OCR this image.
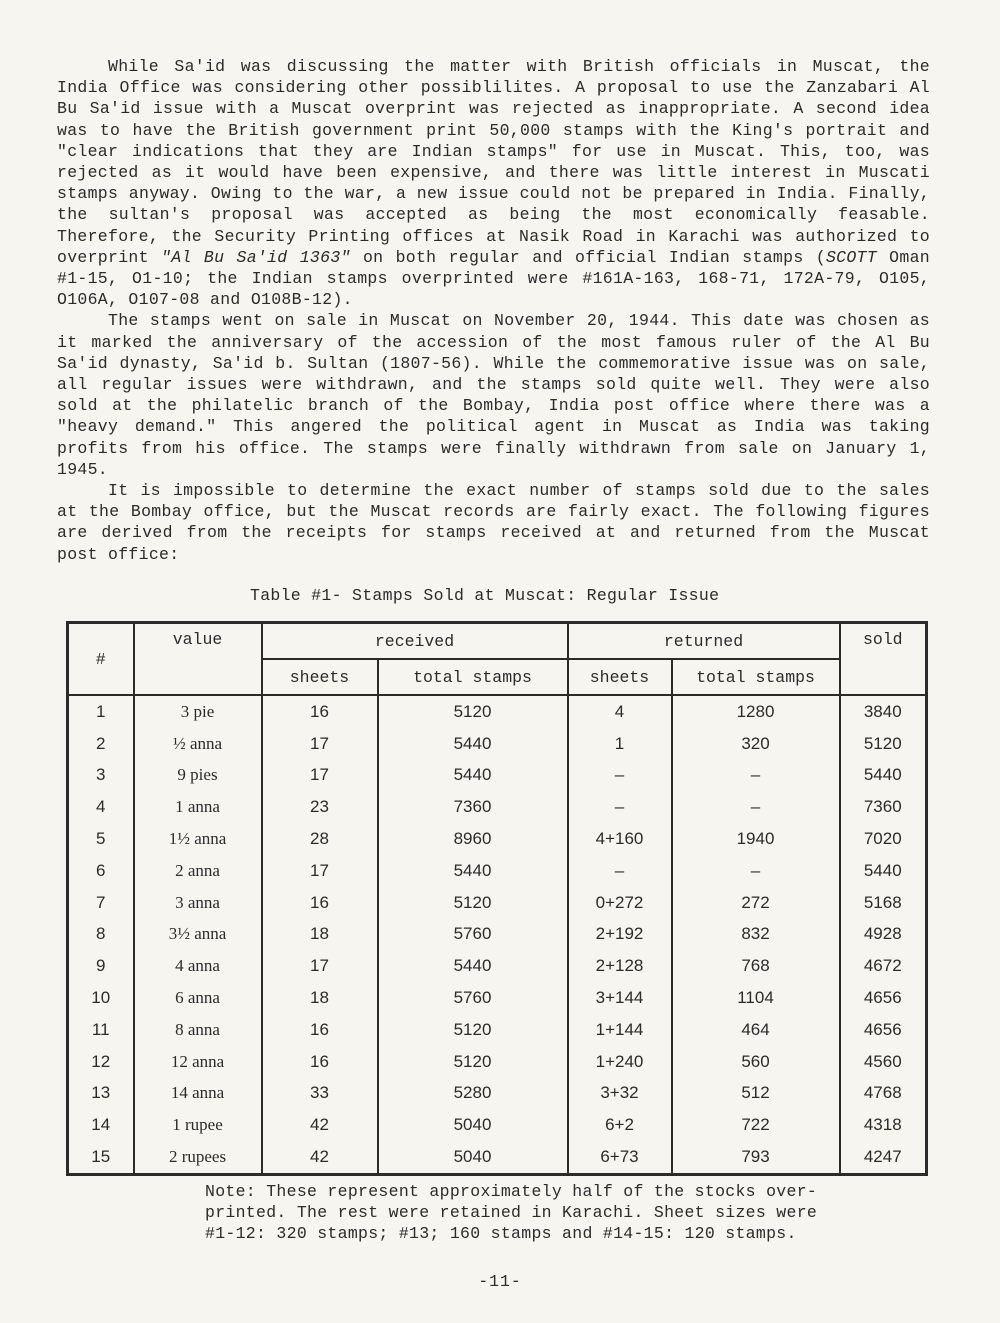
While Sa'id was discussing the matter with British officials in Muscat, the India Office was considering other possiblilites. A proposal to use the Zanzabari Al Bu Sa'id issue with a Muscat overprint was rejected as inappropriate. A second idea was to have the British government print 50,000 stamps with the King's portrait and "clear indications that they are Indian stamps" for use in Muscat. This, too, was rejected as it would have been expensive, and there was little interest in Muscati stamps anyway. Owing to the war, a new issue could not be prepared in India. Finally, the sultan's proposal was accepted as being the most economically feasable. Therefore, the Security Printing offices at Nasik Road in Karachi was authorized to overprint "Al Bu Sa'id 1363" on both regular and official Indian stamps (SCOTT Oman #1-15, O1-10; the Indian stamps overprinted were #161A-163, 168-71, 172A-79, O105, O106A, O107-08 and O108B-12).

The stamps went on sale in Muscat on November 20, 1944. This date was chosen as it marked the anniversary of the accession of the most famous ruler of the Al Bu Sa'id dynasty, Sa'id b. Sultan (1807-56). While the commemorative issue was on sale, all regular issues were withdrawn, and the stamps sold quite well. They were also sold at the philatelic branch of the Bombay, India post office where there was a "heavy demand." This angered the political agent in Muscat as India was taking profits from his office. The stamps were finally withdrawn from sale on January 1, 1945.

It is impossible to determine the exact number of stamps sold due to the sales at the Bombay office, but the Muscat records are fairly exact. The following figures are derived from the receipts for stamps received at and returned from the Muscat post office:

Table #1- Stamps Sold at Muscat: Regular Issue
#	value	received		returned		sold
		sheets	total stamps	sheets	total stamps	
1	3 pie	16	5120	4	1280	3840
2	½ anna	17	5440	1	320	5120
3	9 pies	17	5440	–	–	5440
4	1 anna	23	7360	–	–	7360
5	1½ anna	28	8960	4+160	1940	7020
6	2 anna	17	5440	–	–	5440
7	3 anna	16	5120	0+272	272	5168
8	3½ anna	18	5760	2+192	832	4928
9	4 anna	17	5440	2+128	768	4672
10	6 anna	18	5760	3+144	1104	4656
11	8 anna	16	5120	1+144	464	4656
12	12 anna	16	5120	1+240	560	4560
13	14 anna	33	5280	3+32	512	4768
14	1 rupee	42	5040	6+2	722	4318
15	2 rupees	42	5040	6+73	793	4247
Note: These represent approximately half of the stocks over-
printed. The rest were retained in Karachi. Sheet sizes were
#1-12: 320 stamps; #13; 160 stamps and #14-15: 120 stamps.
-11-
